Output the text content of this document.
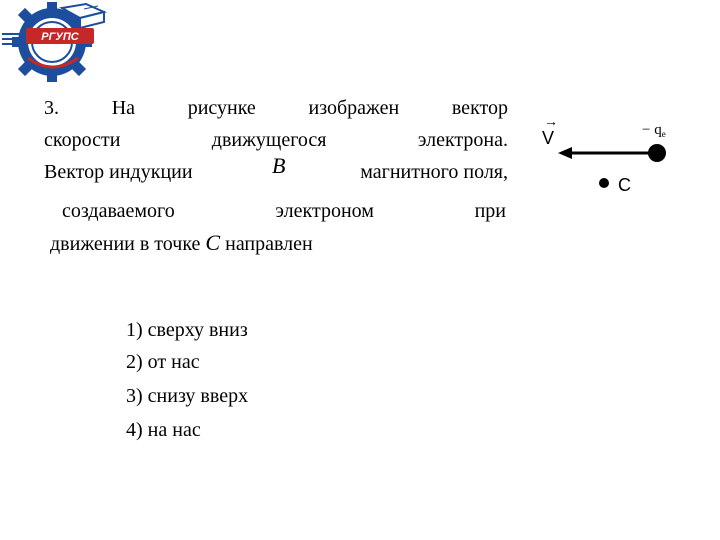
РГУПС
3. На рисунке изображен вектор
скорости движущегося электрона.
Вектор индукции	B	магнитного поля,
создаваемого электроном при
движении в точке C направлен
1) сверху вниз
2) от нас
3) снизу вверх
4) на нас
→
V	− $q_e$
C
